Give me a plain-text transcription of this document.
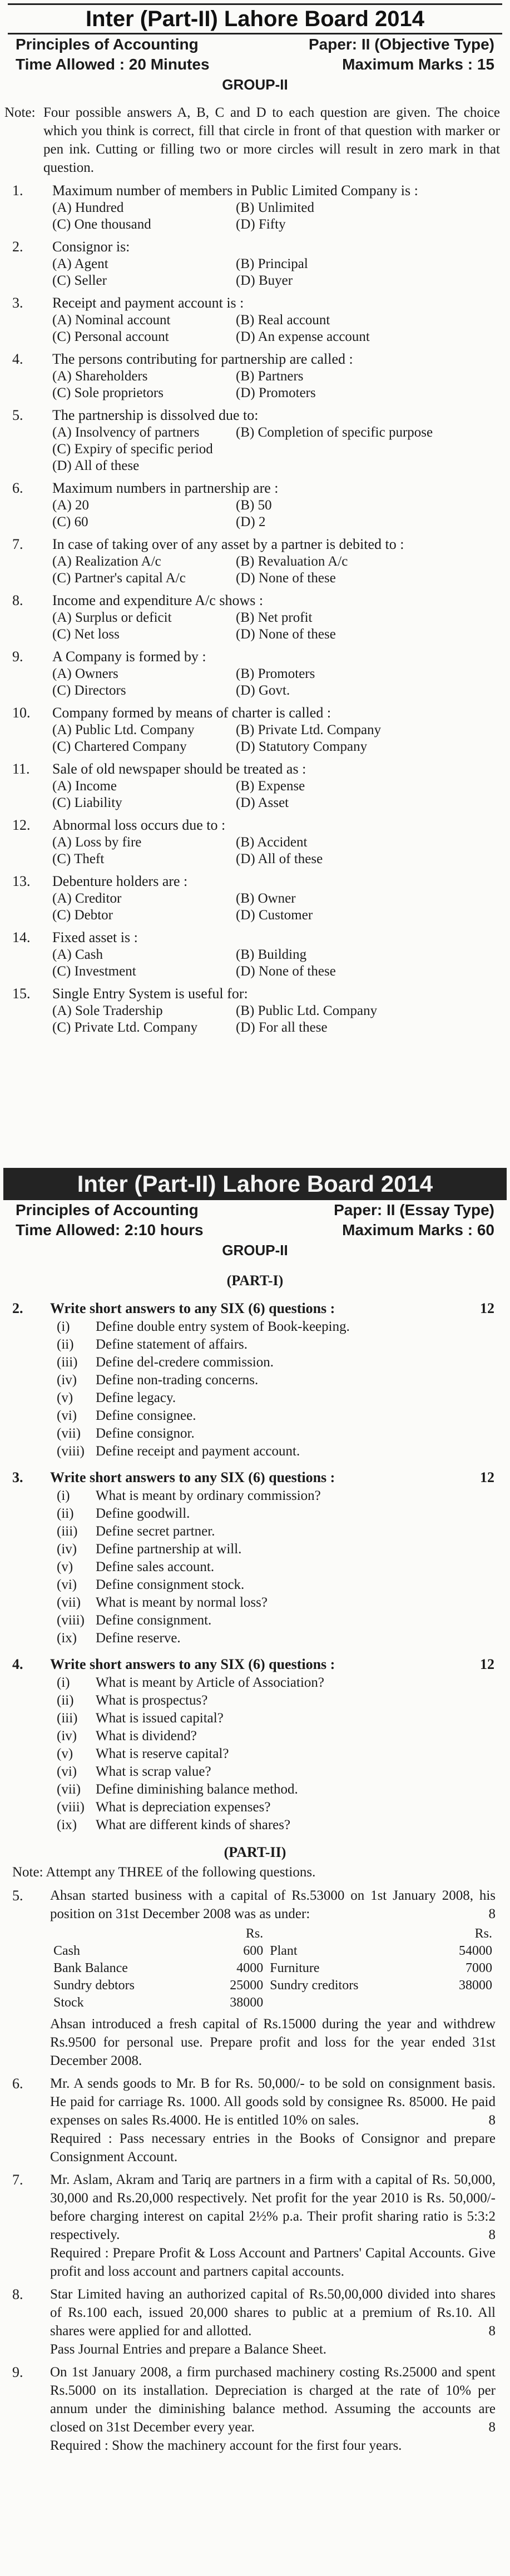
Inter (Part-II) Lahore Board 2014
Principles of Accounting	Paper: II (Objective Type)
Time Allowed : 20 Minutes	Maximum Marks : 15
GROUP-II
Note: Four possible answers A, B, C and D to each question are given. The choice which you think is correct, fill that circle in front of that question with marker or pen ink. Cutting or filling two or more circles will result in zero mark in that question.
1.	Maximum number of members in Public Limited Company is :
(A) Hundred	(B) Unlimited
(C) One thousand	(D) Fifty
2.	Consignor is:
(A) Agent	(B) Principal
(C) Seller	(D) Buyer
3.	Receipt and payment account is :
(A) Nominal account	(B) Real account
(C) Personal account	(D) An expense account
4.	The persons contributing for partnership are called :
(A) Shareholders	(B) Partners
(C) Sole proprietors	(D) Promoters
5.	The partnership is dissolved due to:
(A) Insolvency of partners	(B) Completion of specific purpose
(C) Expiry of specific period
(D) All of these
6.	Maximum numbers in partnership are :
(A) 20	(B) 50
(C) 60	(D) 2
7.	In case of taking over of any asset by a partner is debited to :
(A) Realization A/c	(B) Revaluation A/c
(C) Partner's capital A/c	(D) None of these
8.	Income and expenditure A/c shows :
(A) Surplus or deficit	(B) Net profit
(C) Net loss	(D) None of these
9.	A Company is formed by :
(A) Owners	(B) Promoters
(C) Directors	(D) Govt.
10.	Company formed by means of charter is called :
(A) Public Ltd. Company	(B) Private Ltd. Company
(C) Chartered Company	(D) Statutory Company
11.	Sale of old newspaper should be treated as :
(A) Income	(B) Expense
(C) Liability	(D) Asset
12.	Abnormal loss occurs due to :
(A) Loss by fire	(B) Accident
(C) Theft	(D) All of these
13.	Debenture holders are :
(A) Creditor	(B) Owner
(C) Debtor	(D) Customer
14.	Fixed asset is :
(A) Cash	(B) Building
(C) Investment	(D) None of these
15.	Single Entry System is useful for:
(A) Sole Tradership	(B) Public Ltd. Company
(C) Private Ltd. Company	(D) For all these
Inter (Part-II) Lahore Board 2014
Principles of Accounting	Paper: II (Essay Type)
Time Allowed: 2:10 hours	Maximum Marks : 60
GROUP-II
(PART-I)
2.	Write short answers to any SIX (6) questions :	12
(i)	Define double entry system of Book-keeping.
(ii)	Define statement of affairs.
(iii)	Define del-credere commission.
(iv)	Define non-trading concerns.
(v)	Define legacy.
(vi)	Define consignee.
(vii)	Define consignor.
(viii) Define receipt and payment account.
3.	Write short answers to any SIX (6) questions :	12
(i)	What is meant by ordinary commission?
(ii)	Define goodwill.
(iii)	Define secret partner.
(iv)	Define partnership at will.
(v)	Define sales account.
(vi)	Define consignment stock.
(vii)	What is meant by normal loss?
(viii) Define consignment.
(ix)	Define reserve.
4.	Write short answers to any SIX (6) questions :	12
(i)	What is meant by Article of Association?
(ii)	What is prospectus?
(iii)	What is issued capital?
(iv)	What is dividend?
(v)	What is reserve capital?
(vi)	What is scrap value?
(vii)	Define diminishing balance method.
(viii) What is depreciation expenses?
(ix)	What are different kinds of shares?
(PART-II)
Note: Attempt any THREE of the following questions.
5.	Ahsan started business with a capital of Rs.53000 on 1st January 2008, his position on 31st December 2008 was as under:	8
	Rs.		Rs.
Cash	600	Plant	54000
Bank Balance	4000	Furniture	7000
Sundry debtors	25000	Sundry creditors	38000
Stock	38000		
Ahsan introduced a fresh capital of Rs.15000 during the year and withdrew Rs.9500 for personal use. Prepare profit and loss for the year ended 31st December 2008.
6.	Mr. A sends goods to Mr. B for Rs. 50,000/- to be sold on consignment basis. He paid for carriage Rs. 1000. All goods sold by consignee Rs. 85000. He paid expenses on sales Rs.4000. He is entitled 10% on sales.	8
Required : Pass necessary entries in the Books of Consignor and prepare Consignment Account.
7.	Mr. Aslam, Akram and Tariq are partners in a firm with a capital of Rs. 50,000, 30,000 and Rs.20,000 respectively. Net profit for the year 2010 is Rs. 50,000/- before charging interest on capital 2½% p.a. Their profit sharing ratio is 5:3:2 respectively.	8
Required : Prepare Profit & Loss Account and Partners' Capital Accounts. Give profit and loss account and partners capital accounts.
8.	Star Limited having an authorized capital of Rs.50,00,000 divided into shares of Rs.100 each, issued 20,000 shares to public at a premium of Rs.10. All shares were applied for and allotted.	8
Pass Journal Entries and prepare a Balance Sheet.
9.	On 1st January 2008, a firm purchased machinery costing Rs.25000 and spent Rs.5000 on its installation. Depreciation is charged at the rate of 10% per annum under the diminishing balance method. Assuming the accounts are closed on 31st December every year.	8
Required : Show the machinery account for the first four years.
